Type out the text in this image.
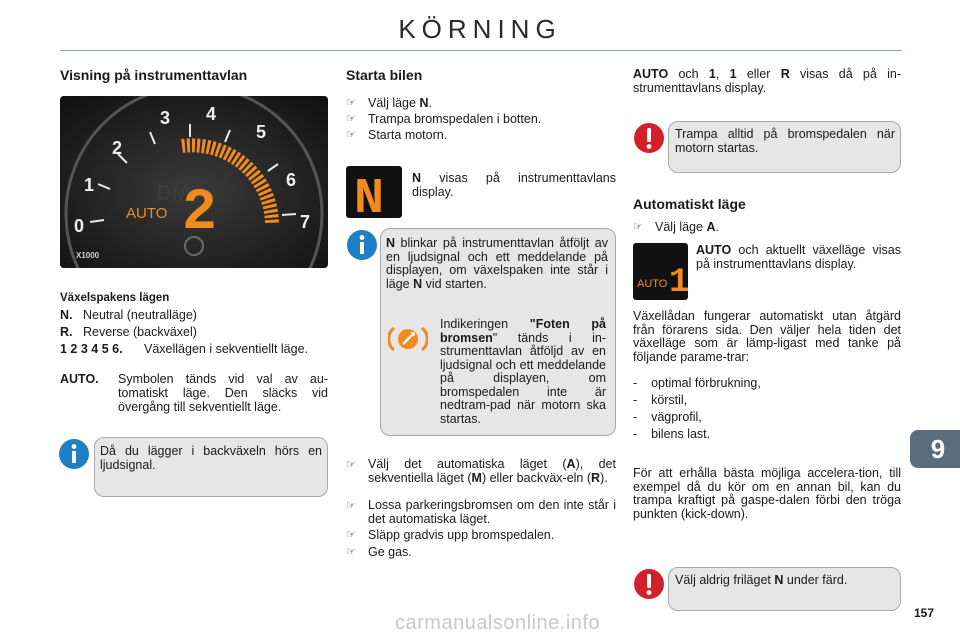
KÖRNING
Visning på instrumenttavlan
0
1
2
3 4
5
6
7
DM
AUTO 2
X1000
Växelspakens lägen
N. Neutral (neutralläge)
R. Reverse (backväxel)
1 2 3 4 5 6. Växellägen i sekventiellt läge.
AUTO. Symbolen tänds vid val av au-tomatiskt läge. Den släcks vid övergång till sekventiellt läge.
Då du lägger i backväxeln hörs en ljudsignal.
Starta bilen
☞ Välj läge N.
☞ Trampa bromspedalen i botten.
☞ Starta motorn.
N N visas på instrumenttavlans display.
N blinkar på instrumenttavlan åtföljt av en ljudsignal och ett meddelande på displayen, om växelspaken inte står i läge N vid starten.
Indikeringen "Foten på bromsen" tänds i in-strumenttavlan åtföljd av en ljudsignal och ett meddelande på displayen, om bromspedalen inte är nedtram-pad när motorn ska startas.
☞ Välj det automatiska läget (A), det sekventiella läget (M) eller backväx-eln (R).
☞ Lossa parkeringsbromsen om den inte står i det automatiska läget.
☞ Släpp gradvis upp bromspedalen.
☞ Ge gas.
AUTO och 1, 1 eller R visas då på in-strumenttavlans display.
Trampa alltid på bromspedalen när motorn startas.
Automatiskt läge
☞ Välj läge A.
AUTO 1
AUTO och aktuellt växelläge visas på instrumenttavlans display.
Växellådan fungerar automatiskt utan åtgärd från förarens sida. Den väljer hela tiden det växelläge som är lämp-ligast med tanke på följande parame-trar:
-    optimal förbrukning,
-    körstil,
-    vägprofil,
-    bilens last.
För att erhålla bästa möjliga accelera-tion, till exempel då du kör om en annan bil, kan du trampa kraftigt på gaspe-dalen förbi den tröga punkten (kick-down).
Välj aldrig friläget N under färd.
9
157
carmanualsonline.info
